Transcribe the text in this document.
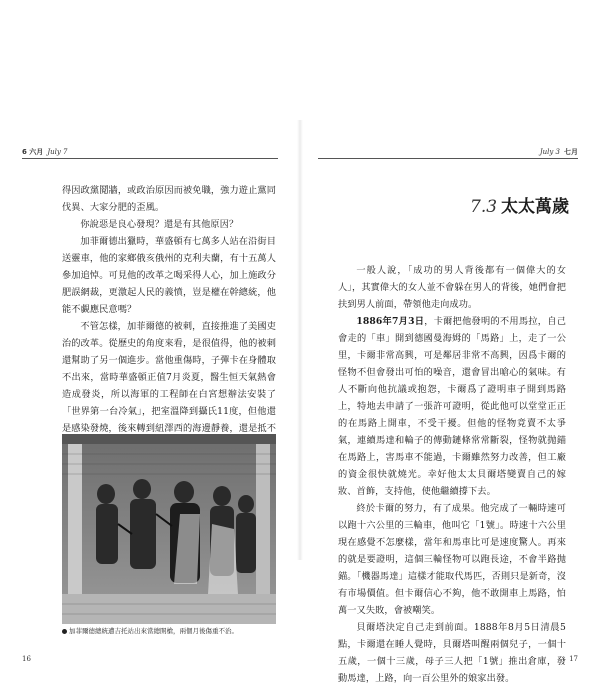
6 六月 July 7

得因政黨鬩牆，或政治原因而被免職，強力遊止黨同伐異、大家分肥的歪風。

你說惡是良心發現？還是有其他原因？

加菲爾德出獵時，華盛頓有七萬多人站在沿街目送靈車，他的家鄉俄亥俄州的克利夫蘭，有十五萬人參加追悼。可見他的改革之喝采得人心，加上施政分肥誤網裁，更激起人民的義憤，豈是權在幹總統，他能不覷應民意嗎？

不管怎樣，加菲爾德的被刺，直接推進了美國吏治的改革。從歷史的角度來看，是很值得，他的被刺還幫助了另一個進步。當他重傷時，子彈卡在身體取不出來，當時華盛頓正值7月炎夏，醫生恒天氣熱會造成發炎，所以海軍的工程師在白宮想辦法安裝了「世界第一台冷氣」，把室溫降到攝氏11度，但他還是感染發燒，後來轉到紐澤西的海邊靜養，還是抵不

加菲爾德總統遭吉托站出來當總開槍，兩個月後傷重不治。
16
July 3 七月
7.3 太太萬歲

一般人說，「成功的男人背後都有一個偉大的女人」，其實偉大的女人並不會躲在男人的背後，她們會把扶到男人前面，帶領他走向成功。

1886年7月3日，卡爾把他發明的不用馬拉，自己會走的「車」開到德國曼海姆的「馬路」上，走了一公里，卡爾非常高興，可是鄰居非常不高興，因爲卡爾的怪物不但會發出可怕的噪音，還會冒出嗆心的氣味。有人不斷向他抗議或抱怨，卡爾爲了證明車子開到馬路上，特地去申請了一張許可證明，從此他可以堂堂正正的在馬路上開車，不受干擾。但他的怪物竟賣不太爭氣，連續馬達和輪子的傳動鏈條常常斷裂，怪物就抛錨在馬路上，害馬車不能過，卡爾雖然努力改善，但工廠的資金很快就燒光。幸好他太太貝爾塔變賣自己的嫁妝、首飾，支持他，使他繼續撐下去。

終於卡爾的努力，有了成果。他完成了一輛時速可以跑十六公里的三輪車，他叫它「1號」。時速十六公里現在感覺不怎麼樣，當年和馬車比可是速度驚人。再來的就是要證明，這個三輪怪物可以跑長途，不會半路抛錨。「機器馬達」這樣才能取代馬匹，否則只是新奇，沒有市場價值。但卡爾信心不夠，他不敢開車上馬路，怕萬一又失敗，會被嘲笑。

貝爾塔決定自己走到前面。1888年8月5日清晨5點，卡爾還在睡人覺時，貝爾塔叫醒兩個兒子，一個十五歲，一個十三歲，母子三人把「1號」推出倉庫，發動馬達，上路，向一百公里外的娘家出發。

17
